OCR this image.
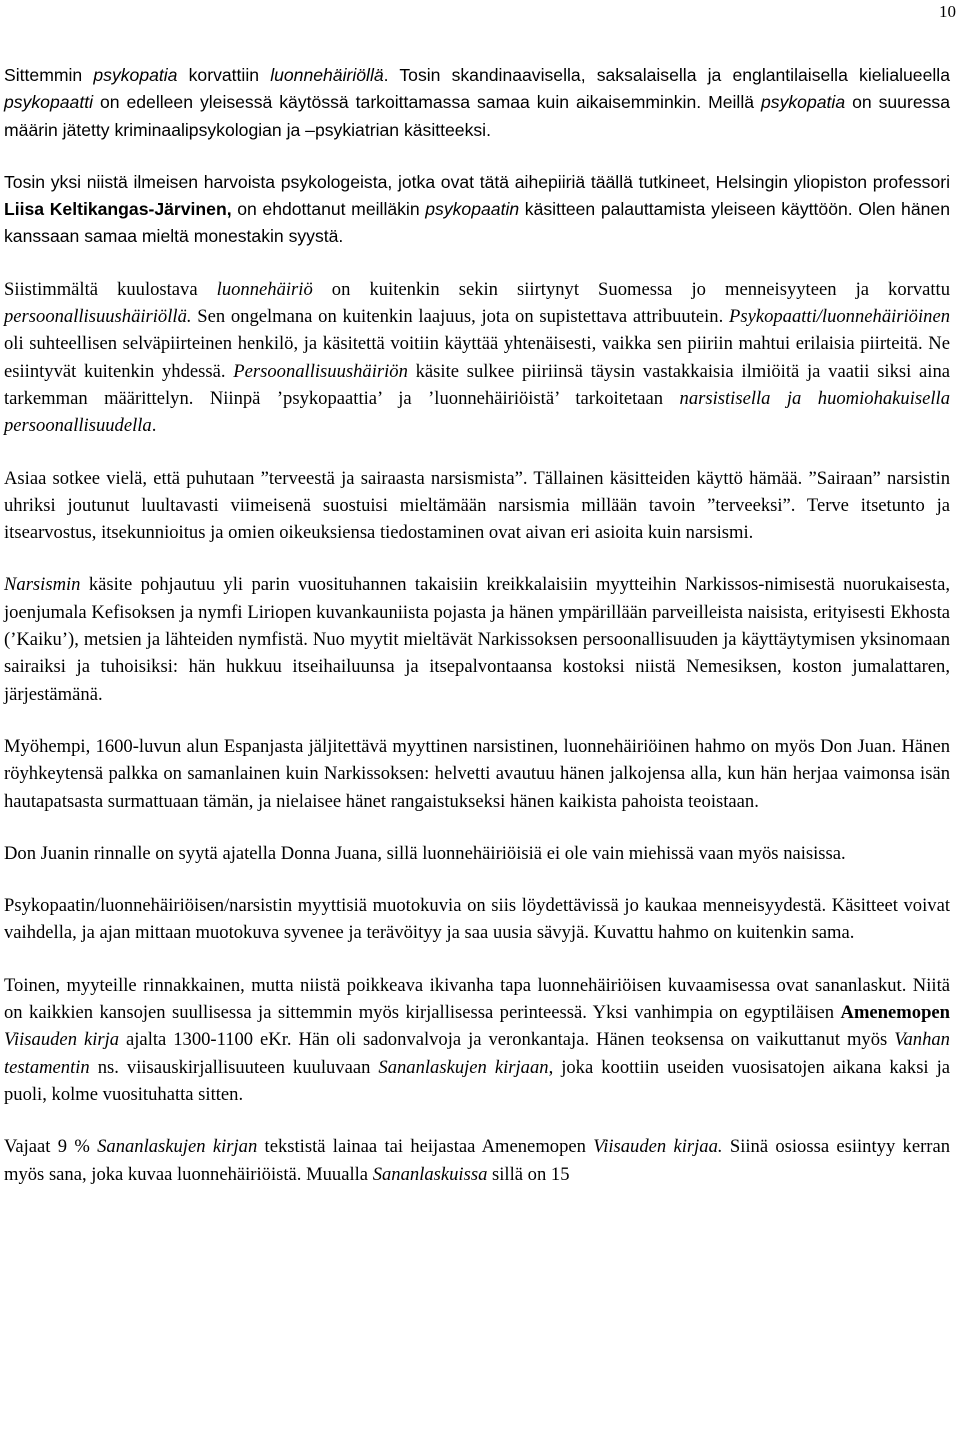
10

Sittemmin psykopatia korvattiin luonnehäiriöllä. Tosin skandinaavisella, saksalaisella ja englantilaisella kielialueella psykopaatti on edelleen yleisessä käytössä tarkoittamassa samaa kuin aikaisemminkin. Meillä psykopatia on suuressa määrin jätetty kriminaalipsykologian ja –psykiatrian käsitteeksi.

Tosin yksi niistä ilmeisen harvoista psykologeista, jotka ovat tätä aihepiiriä täällä tutkineet, Helsingin yliopiston professori Liisa Keltikangas-Järvinen, on ehdottanut meilläkin psykopaatin käsitteen palauttamista yleiseen käyttöön. Olen hänen kanssaan samaa mieltä monestakin syystä.

Siistimmältä kuulostava luonnehäiriö on kuitenkin sekin siirtynyt Suomessa jo menneisyyteen ja korvattu persoonallisuushäiriöllä. Sen ongelmana on kuitenkin laajuus, jota on supistettava attribuutein. Psykopaatti/luonnehäiriöinen oli suhteellisen selväpiirteinen henkilö, ja käsitettä voitiin käyttää yhtenäisesti, vaikka sen piiriin mahtui erilaisia piirteitä. Ne esiintyvät kuitenkin yhdessä. Persoonallisuushäiriön käsite sulkee piiriinsä täysin vastakkaisia ilmiöitä ja vaatii siksi aina tarkemman määrittelyn. Niinpä ’psykopaattia’ ja ’luonnehäiriöistä’ tarkoitetaan narsistisella ja huomiohakuisella persoonallisuudella.

Asiaa sotkee vielä, että puhutaan ”terveestä ja sairaasta narsismista”. Tällainen käsitteiden käyttö hämää. ”Sairaan” narsistin uhriksi joutunut luultavasti viimeisenä suostuisi mieltämään narsismia millään tavoin ”terveeksi”. Terve itsetunto ja itsearvostus, itsekunnioitus ja omien oikeuksiensa tiedostaminen ovat aivan eri asioita kuin narsismi.

Narsismin käsite pohjautuu yli parin vuosituhannen takaisiin kreikkalaisiin myytteihin Narkissos-nimisestä nuorukaisesta, joenjumala Kefisoksen ja nymfi Liriopen kuvankauniista pojasta ja hänen ympärillään parveilleista naisista, erityisesti Ekhosta (’Kaiku’), metsien ja lähteiden nymfistä. Nuo myytit mieltävät Narkissoksen persoonallisuuden ja käyttäytymisen yksinomaan sairaiksi ja tuhoisiksi: hän hukkuu itseihailuunsa ja itsepalvontaansa kostoksi niistä Nemesiksen, koston jumalattaren, järjestämänä.

Myöhempi, 1600-luvun alun Espanjasta jäljitettävä myyttinen narsistinen, luonnehäiriöinen hahmo on myös Don Juan. Hänen röyhkeytensä palkka on samanlainen kuin Narkissoksen: helvetti avautuu hänen jalkojensa alla, kun hän herjaa vaimonsa isän hautapatsasta surmattuaan tämän, ja nielaisee hänet rangaistukseksi hänen kaikista pahoista teoistaan.

Don Juanin rinnalle on syytä ajatella Donna Juana, sillä luonnehäiriöisiä ei ole vain miehissä vaan myös naisissa.

Psykopaatin/luonnehäiriöisen/narsistin myyttisiä muotokuvia on siis löydettävissä jo kaukaa menneisyydestä. Käsitteet voivat vaihdella, ja ajan mittaan muotokuva syvenee ja terävöityy ja saa uusia sävyjä. Kuvattu hahmo on kuitenkin sama.

Toinen, myyteille rinnakkainen, mutta niistä poikkeava ikivanha tapa luonnehäiriöisen kuvaamisessa ovat sananlaskut. Niitä on kaikkien kansojen suullisessa ja sittemmin myös kirjallisessa perinteessä. Yksi vanhimpia on egyptiläisen Amenemopen Viisauden kirja ajalta 1300-1100 eKr. Hän oli sadonvalvoja ja veronkantaja. Hänen teoksensa on vaikuttanut myös Vanhan testamentin ns. viisauskirjallisuuteen kuuluvaan Sananlaskujen kirjaan, joka koottiin useiden vuosisatojen aikana kaksi ja puoli, kolme vuosituhatta sitten.

Vajaat 9 % Sananlaskujen kirjan tekstistä lainaa tai heijastaa Amenemopen Viisauden kirjaa. Siinä osiossa esiintyy kerran myös sana, joka kuvaa luonnehäiriöistä. Muualla Sananlaskuissa sillä on 15
